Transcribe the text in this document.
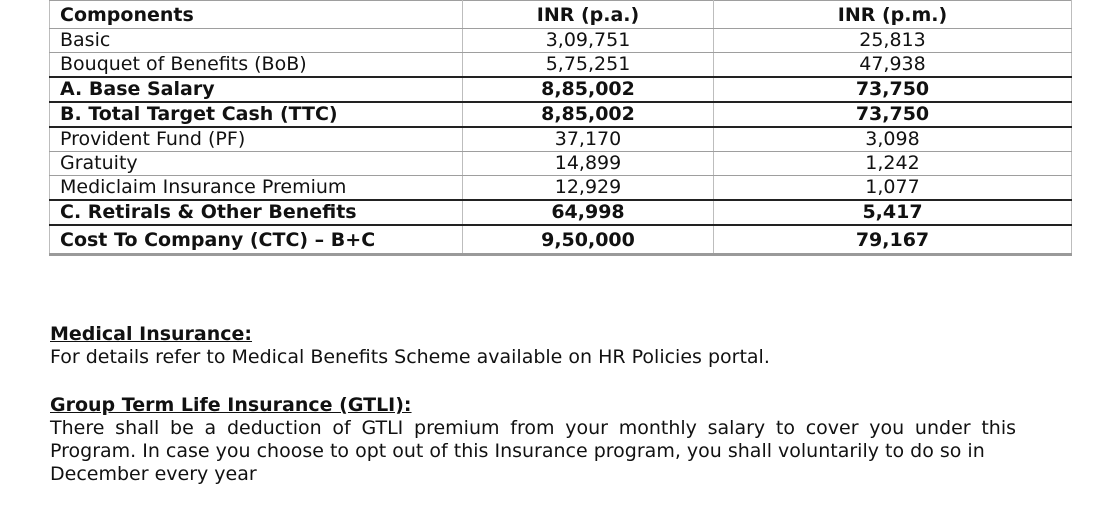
Components	INR (p.a.)	INR (p.m.)
Basic	3,09,751	25,813
Bouquet of Benefits (BoB)	5,75,251	47,938
A. Base Salary	8,85,002	73,750
B. Total Target Cash (TTC)	8,85,002	73,750
Provident Fund (PF)	37,170	3,098
Gratuity	14,899	1,242
Mediclaim Insurance Premium	12,929	1,077
C. Retirals & Other Benefits	64,998	5,417
Cost To Company (CTC) – B+C	9,50,000	79,167

Medical Insurance:

For details refer to Medical Benefits Scheme available on HR Policies portal.

Group Term Life Insurance (GTLI):

There shall be a deduction of GTLI premium from your monthly salary to cover you under this
Program. In case you choose to opt out of this Insurance program, you shall voluntarily to do so in
December every year
